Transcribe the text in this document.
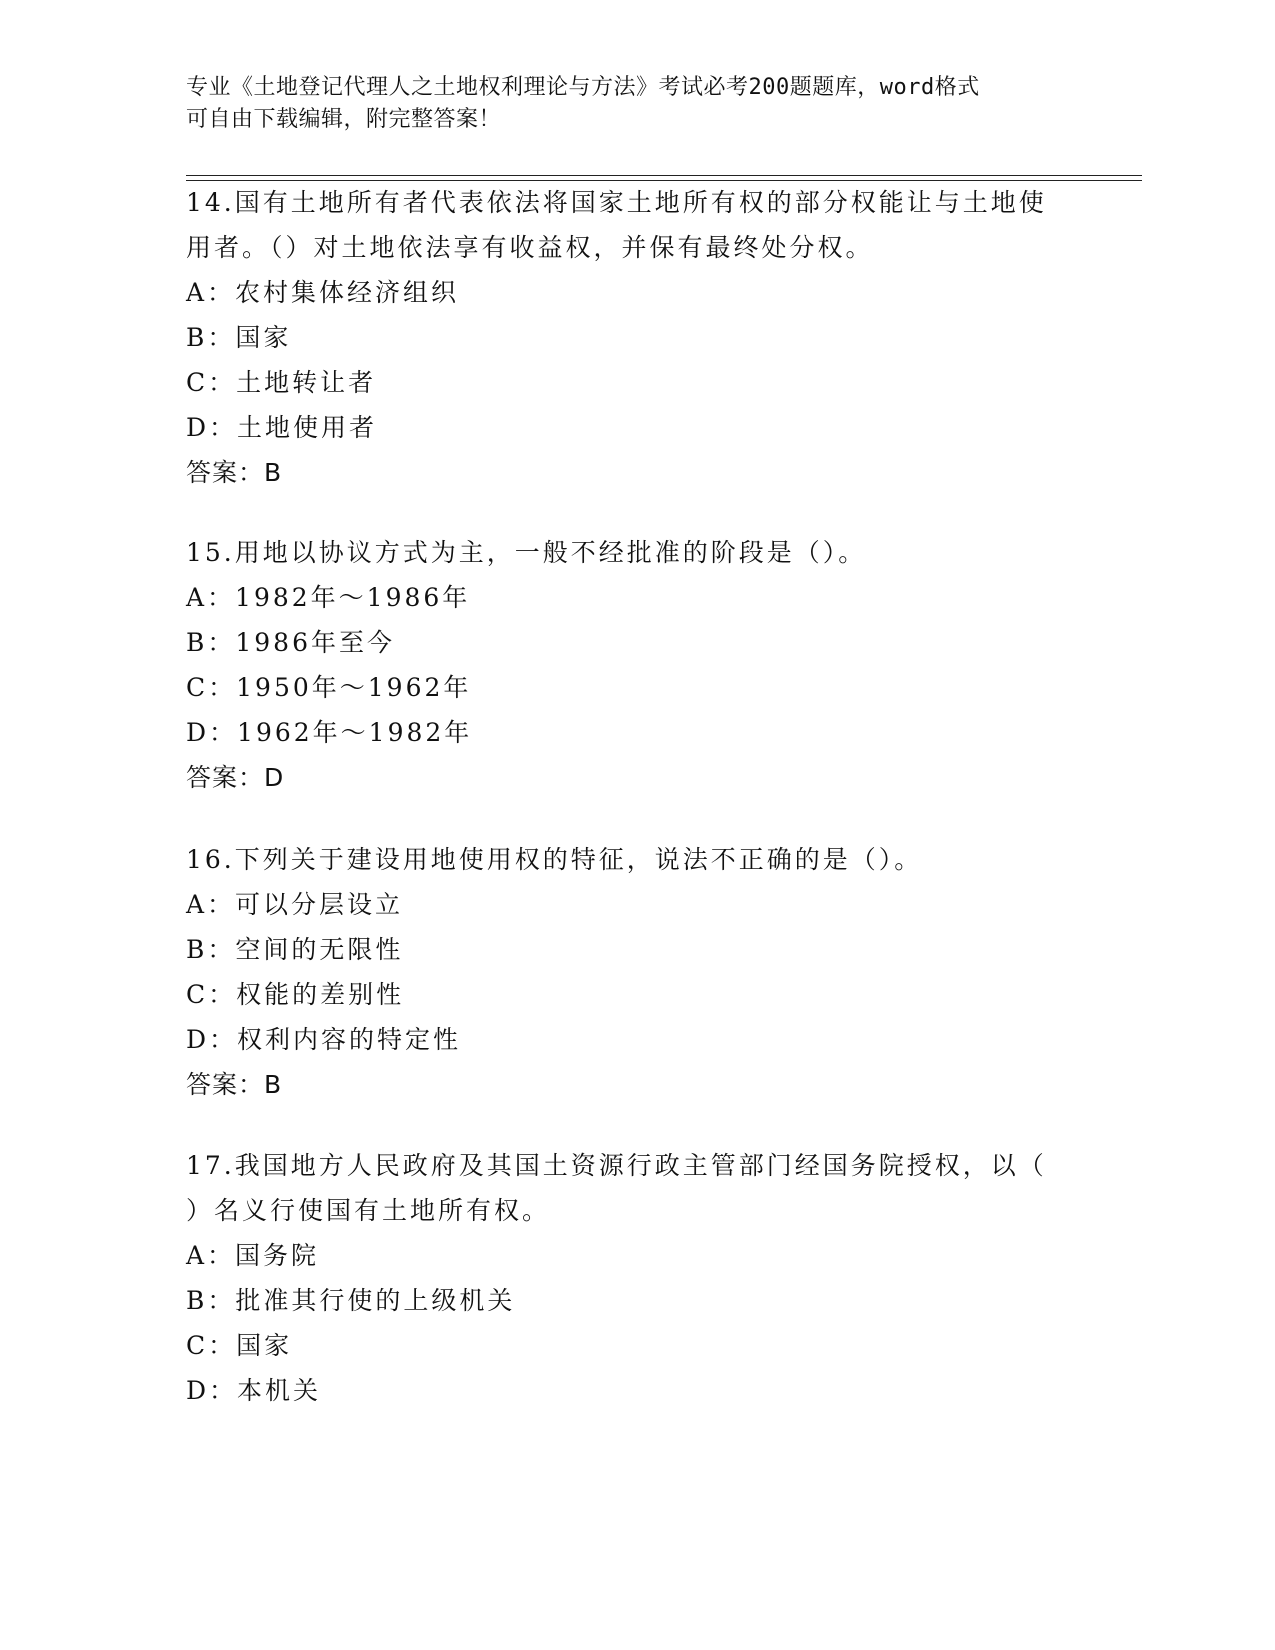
专业《土地登记代理人之土地权利理论与方法》考试必考200题题库，word格式
可自由下载编辑，附完整答案！
14.国有土地所有者代表依法将国家土地所有权的部分权能让与土地使
用者。（）对土地依法享有收益权，并保有最终处分权。
A：农村集体经济组织
B：国家
C：土地转让者
D：土地使用者
答案：B
15.用地以协议方式为主，一般不经批准的阶段是（）。
A：1982年～1986年
B：1986年至今
C：1950年～1962年
D：1962年～1982年
答案：D
16.下列关于建设用地使用权的特征，说法不正确的是（）。
A：可以分层设立
B：空间的无限性
C：权能的差别性
D：权利内容的特定性
答案：B
17.我国地方人民政府及其国土资源行政主管部门经国务院授权，以（
）名义行使国有土地所有权。
A：国务院
B：批准其行使的上级机关
C：国家
D：本机关
